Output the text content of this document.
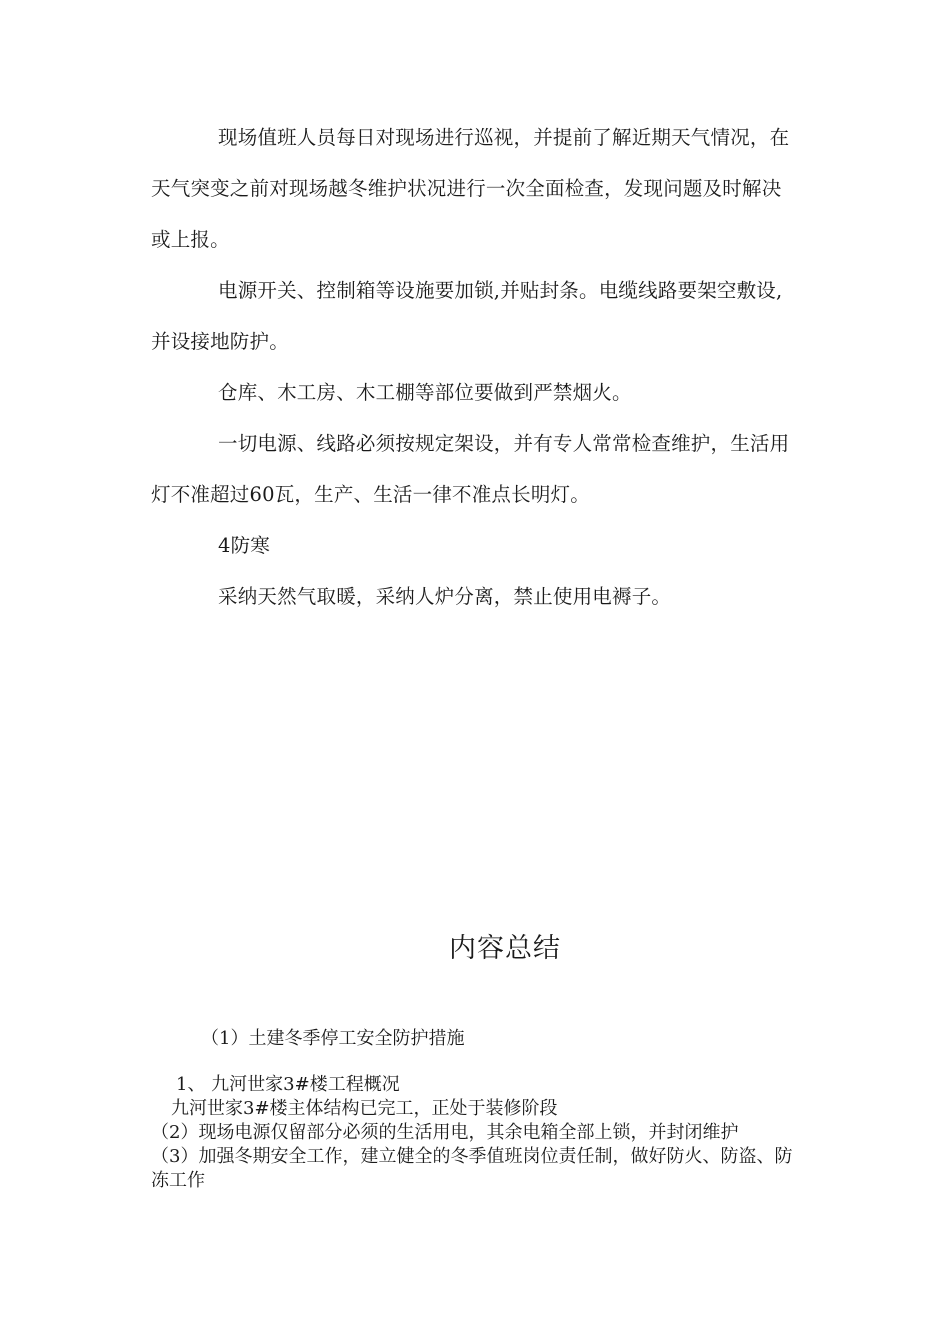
现场值班人员每日对现场进行巡视，并提前了解近期天气情况，在天气突变之前对现场越冬维护状况进行一次全面检查，发现问题及时解决或上报。

电源开关、控制箱等设施要加锁,并贴封条。电缆线路要架空敷设,并设接地防护。

仓库、木工房、木工棚等部位要做到严禁烟火。

一切电源、线路必须按规定架设，并有专人常常检查维护，生活用灯不准超过60瓦，生产、生活一律不准点长明灯。

4防寒

采纳天然气取暖，采纳人炉分离，禁止使用电褥子。

内容总结

（1）土建冬季停工安全防护措施

1、 九河世家3#楼工程概况

九河世家3#楼主体结构已完工，正处于装修阶段

（2）现场电源仅留部分必须的生活用电，其余电箱全部上锁，并封闭维护

（3）加强冬期安全工作，建立健全的冬季值班岗位责任制，做好防火、防盗、防冻工作
